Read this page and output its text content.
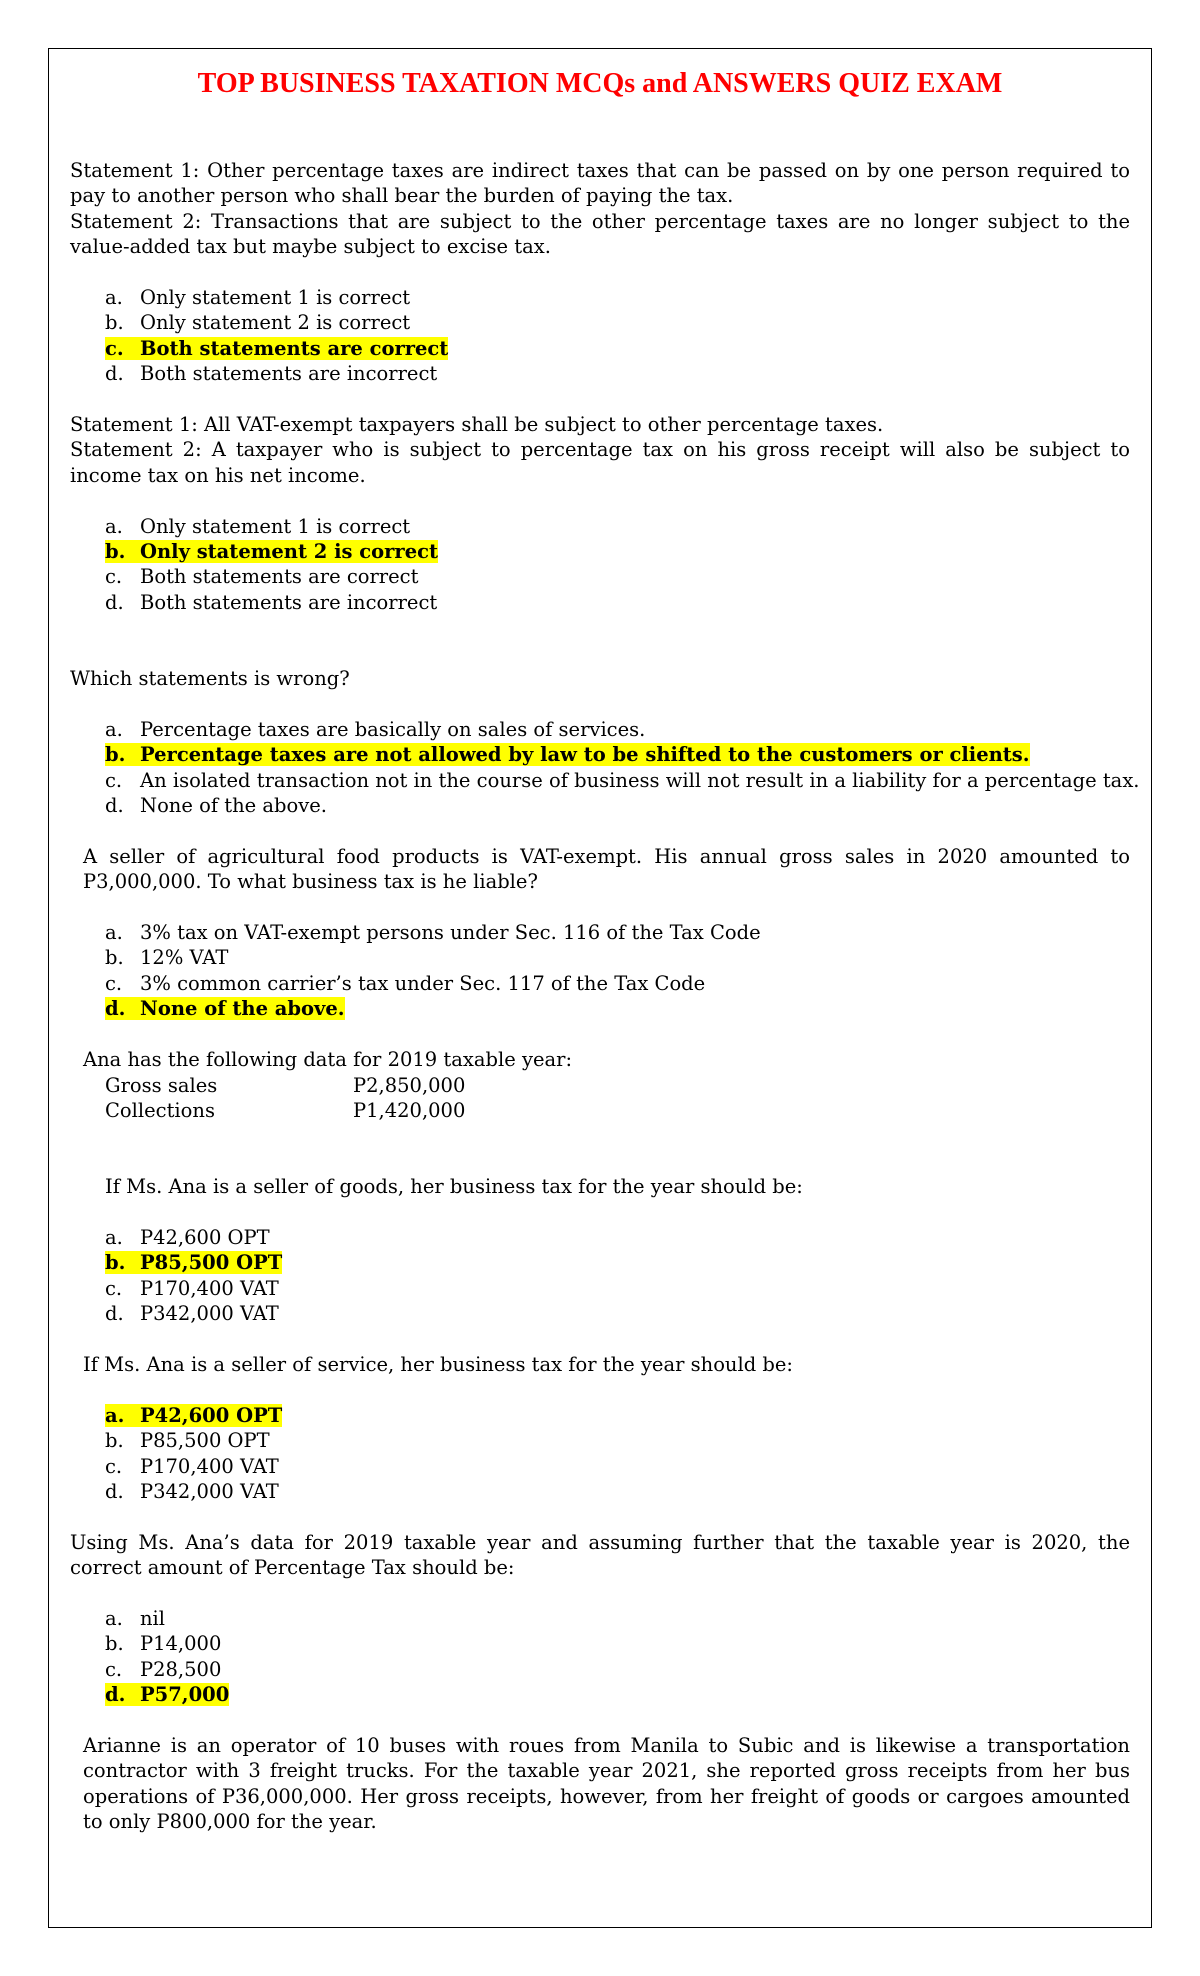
TOP BUSINESS TAXATION MCQs and ANSWERS QUIZ EXAM

Statement 1: Other percentage taxes are indirect taxes that can be passed on by one person required to pay to another person who shall bear the burden of paying the tax.

Statement 2: Transactions that are subject to the other percentage taxes are no longer subject to the value-added tax but maybe subject to excise tax.

a. Only statement 1 is correct
b. Only statement 2 is correct
c. Both statements are correct
d. Both statements are incorrect

Statement 1: All VAT-exempt taxpayers shall be subject to other percentage taxes.

Statement 2: A taxpayer who is subject to percentage tax on his gross receipt will also be subject to income tax on his net income.

a. Only statement 1 is correct
b. Only statement 2 is correct
c. Both statements are correct
d. Both statements are incorrect

Which statements is wrong?

a. Percentage taxes are basically on sales of services.
b. Percentage taxes are not allowed by law to be shifted to the customers or clients.
c. An isolated transaction not in the course of business will not result in a liability for a percentage tax.
d. None of the above.

A seller of agricultural food products is VAT-exempt. His annual gross sales in 2020 amounted to P3,000,000. To what business tax is he liable?

a. 3% tax on VAT-exempt persons under Sec. 116 of the Tax Code
b. 12% VAT
c. 3% common carrier’s tax under Sec. 117 of the Tax Code
d. None of the above.

Ana has the following data for 2019 taxable year:

Gross sales	P2,850,000
Collections	P1,420,000

If Ms. Ana is a seller of goods, her business tax for the year should be:

a. P42,600 OPT
b. P85,500 OPT
c. P170,400 VAT
d. P342,000 VAT

If Ms. Ana is a seller of service, her business tax for the year should be:

a. P42,600 OPT
b. P85,500 OPT
c. P170,400 VAT
d. P342,000 VAT

Using Ms. Ana’s data for 2019 taxable year and assuming further that the taxable year is 2020, the correct amount of Percentage Tax should be:

a. nil
b. P14,000
c. P28,500
d. P57,000

Arianne is an operator of 10 buses with roues from Manila to Subic and is likewise a transportation contractor with 3 freight trucks. For the taxable year 2021, she reported gross receipts from her bus operations of P36,000,000. Her gross receipts, however, from her freight of goods or cargoes amounted to only P800,000 for the year.
